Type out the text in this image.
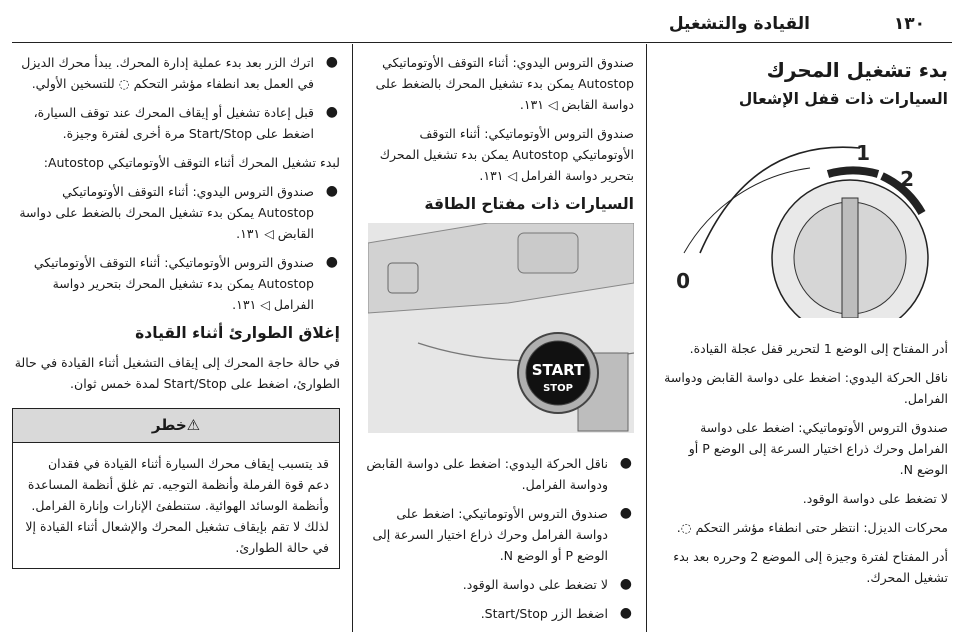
القيادة والتشغيل	١٣٠
بدء تشغيل المحرك
السيارات ذات قفل الإشعال
1
2
0

أدر المفتاح إلى الوضع 1 لتحرير قفل عجلة القيادة.

ناقل الحركة اليدوي: اضغط على دواسة القابض ودواسة الفرامل.

صندوق التروس الأوتوماتيكي: اضغط على دواسة الفرامل وحرك ذراع اختيار السرعة إلى الوضع P أو الوضع N.

لا تضغط على دواسة الوقود.

محركات الديزل: انتظر حتى انطفاء مؤشر التحكم ◌.

أدر المفتاح لفترة وجيزة إلى الموضع 2 وحرره بعد بدء تشغيل المحرك.

صندوق التروس اليدوي: أثناء التوقف الأوتوماتيكي Autostop يمكن بدء تشغيل المحرك بالضغط على دواسة القابض ◁ ١٣١.

صندوق التروس الأوتوماتيكي: أثناء التوقف الأوتوماتيكي Autostop يمكن بدء تشغيل المحرك بتحرير دواسة الفرامل ◁ ١٣١.

السيارات ذات مفتاح الطاقة
START
STOP
●
ناقل الحركة اليدوي: اضغط على دواسة القابض ودواسة الفرامل.
●
صندوق التروس الأوتوماتيكي: اضغط على دواسة الفرامل وحرك ذراع اختيار السرعة إلى الوضع P أو الوضع N.
●
لا تضغط على دواسة الوقود.
●
اضغط الزر Start/Stop.
●
اترك الزر بعد بدء عملية إدارة المحرك. يبدأ محرك الديزل في العمل بعد انطفاء مؤشر التحكم ◌ للتسخين الأولي.
●
قبل إعادة تشغيل أو إيقاف المحرك عند توقف السيارة، اضغط على Start/Stop مرة أخرى لفترة وجيزة.

لبدء تشغيل المحرك أثناء التوقف الأوتوماتيكي Autostop:

●
صندوق التروس اليدوي: أثناء التوقف الأوتوماتيكي Autostop يمكن بدء تشغيل المحرك بالضغط على دواسة القابض ◁ ١٣١.
●
صندوق التروس الأوتوماتيكي: أثناء التوقف الأوتوماتيكي Autostop يمكن بدء تشغيل المحرك بتحرير دواسة الفرامل ◁ ١٣١.
إغلاق الطوارئ أثناء القيادة

في حالة حاجة المحرك إلى إيقاف التشغيل أثناء القيادة في حالة الطوارئ، اضغط على Start/Stop لمدة خمس ثوان.

⚠خطر
قد يتسبب إيقاف محرك السيارة أثناء القيادة في فقدان دعم قوة الفرملة وأنظمة التوجيه. تم غلق أنظمة المساعدة وأنظمة الوسائد الهوائية. ستنطفئ الإنارات وإنارة الفرامل. لذلك لا تقم بإيقاف تشغيل المحرك والإشعال أثناء القيادة إلا في حالة الطوارئ.
